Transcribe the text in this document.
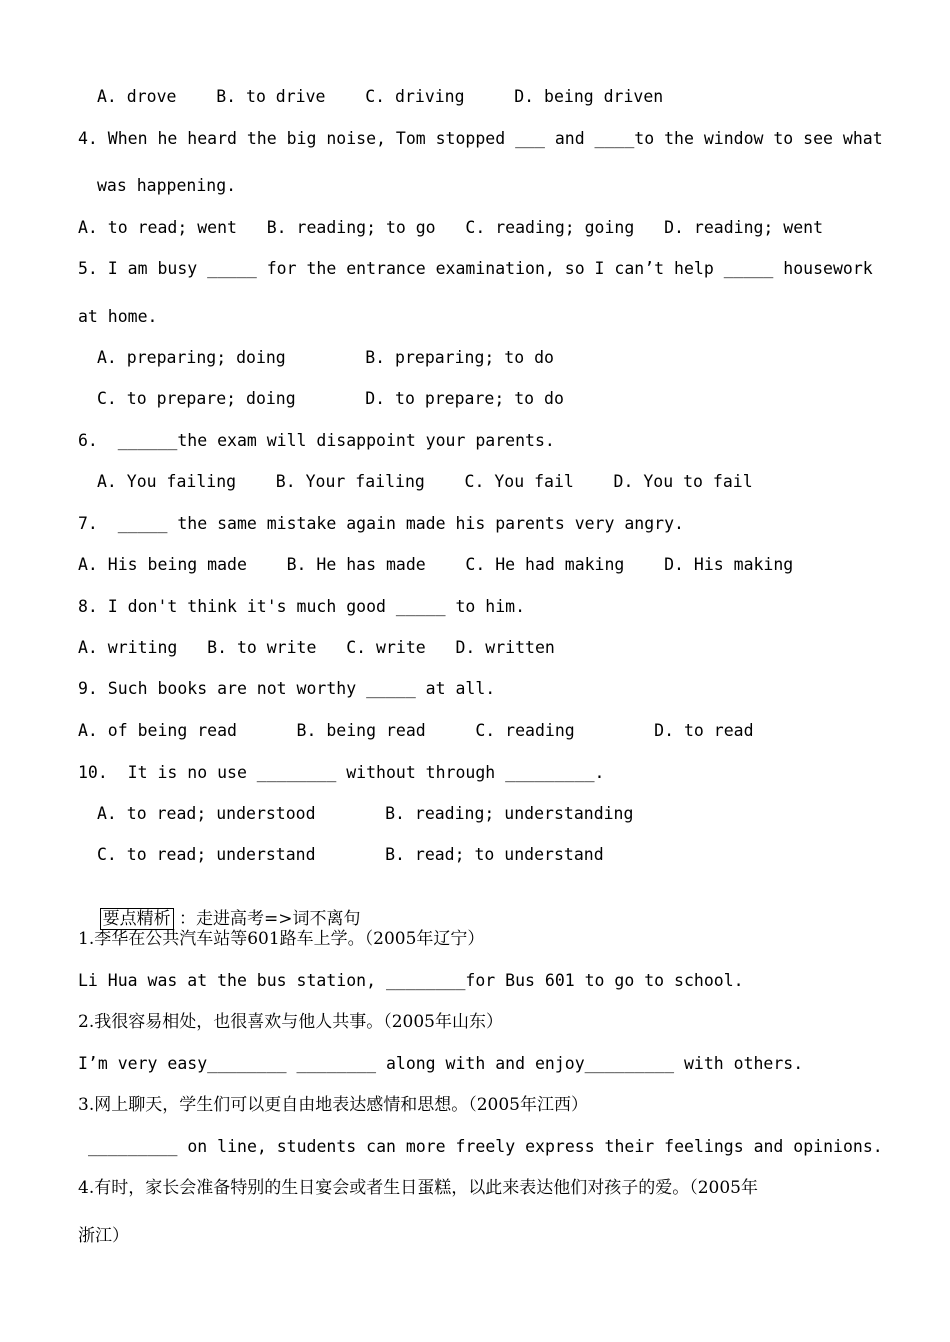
A. drove    B. to drive    C. driving     D. being driven
4. When he heard the big noise, Tom stopped ___ and ____to the window to see what
was happening.
A. to read; went   B. reading; to go   C. reading; going   D. reading; went
5. I am busy _____ for the entrance examination, so I can’t help _____ housework
at home.
A. preparing; doing        B. preparing; to do
C. to prepare; doing       D. to prepare; to do
6.  ______the exam will disappoint your parents.
A. You failing    B. Your failing    C. You fail    D. You to fail
7.  _____ the same mistake again made his parents very angry.
A. His being made    B. He has made    C. He had making    D. His making
8. I don't think it's much good _____ to him.
A. writing   B. to write   C. write   D. written
9. Such books are not worthy _____ at all.
A. of being read      B. being read     C. reading        D. to read
10.  It is no use ________ without through _________.
A. to read; understood       B. reading; understanding
C. to read; understand       B. read; to understand

要点精析 ：走进高考=>词不离句

1.李华在公共汽车站等601路车上学。（2005年辽宁）
Li Hua was at the bus station, ________for Bus 601 to go to school.
2.我很容易相处，也很喜欢与他人共事。（2005年山东）
I’m very easy________ ________ along with and enjoy_________ with others.
3.网上聊天，学生们可以更自由地表达感情和思想。（2005年江西）
_________ on line, students can more freely express their feelings and opinions.
4.有时，家长会准备特别的生日宴会或者生日蛋糕，以此来表达他们对孩子的爱。（2005年
浙江）
